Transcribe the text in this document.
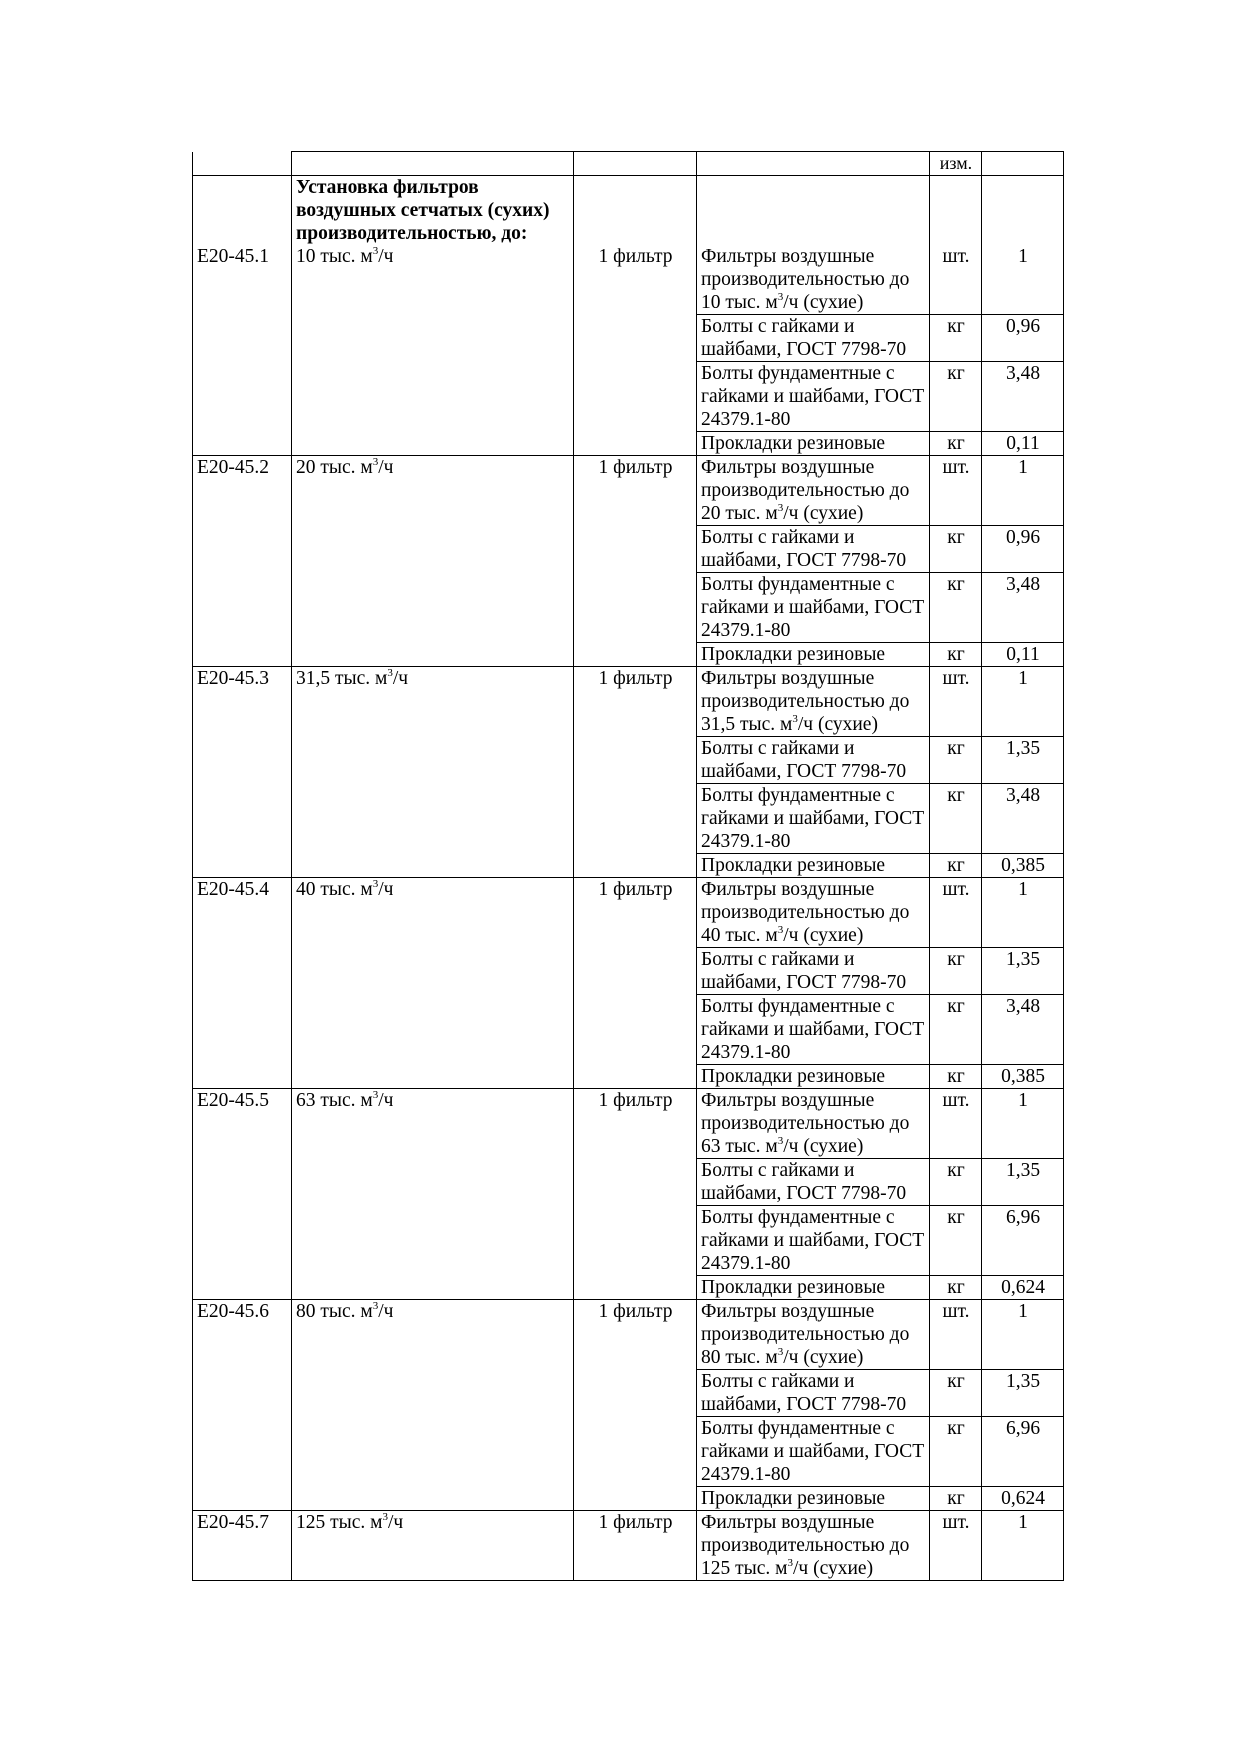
				изм.	

Е20-45.1	Установка фильтров воздушных сетчатых (сухих) производительностью, до:
10 тыс. $м^3/ч$	1 фильтр	Фильтры воздушные производительностью до 10 тыс. $м^3/ч$ (сухие)	шт.	1

			Болты с гайками и шайбами, ГОСТ 7798-70	кг	0,96

			Болты фундаментные с гайками и шайбами, ГОСТ 24379.1-80	кг	3,48

			Прокладки резиновые	кг	0,11

Е20-45.2	20 тыс. $м^3/ч$	1 фильтр	Фильтры воздушные производительностью до 20 тыс. $м^3/ч$ (сухие)	шт.	1

			Болты с гайками и шайбами, ГОСТ 7798-70	кг	0,96

			Болты фундаментные с гайками и шайбами, ГОСТ 24379.1-80	кг	3,48

			Прокладки резиновые	кг	0,11

Е20-45.3	31,5 тыс. $м^3/ч$	1 фильтр	Фильтры воздушные производительностью до 31,5 тыс. $м^3/ч$ (сухие)	шт.	1

			Болты с гайками и шайбами, ГОСТ 7798-70	кг	1,35

			Болты фундаментные с гайками и шайбами, ГОСТ 24379.1-80	кг	3,48

			Прокладки резиновые	кг	0,385

Е20-45.4	40 тыс. $м^3/ч$	1 фильтр	Фильтры воздушные производительностью до 40 тыс. $м^3/ч$ (сухие)	шт.	1

			Болты с гайками и шайбами, ГОСТ 7798-70	кг	1,35

			Болты фундаментные с гайками и шайбами, ГОСТ 24379.1-80	кг	3,48

			Прокладки резиновые	кг	0,385

Е20-45.5	63 тыс. $м^3/ч$	1 фильтр	Фильтры воздушные производительностью до 63 тыс. $м^3/ч$ (сухие)	шт.	1

			Болты с гайками и шайбами, ГОСТ 7798-70	кг	1,35

			Болты фундаментные с гайками и шайбами, ГОСТ 24379.1-80	кг	6,96

			Прокладки резиновые	кг	0,624

Е20-45.6	80 тыс. $м^3/ч$	1 фильтр	Фильтры воздушные производительностью до 80 тыс. $м^3/ч$ (сухие)	шт.	1

			Болты с гайками и шайбами, ГОСТ 7798-70	кг	1,35

			Болты фундаментные с гайками и шайбами, ГОСТ 24379.1-80	кг	6,96

			Прокладки резиновые	кг	0,624

Е20-45.7	125 тыс. $м^3/ч$	1 фильтр	Фильтры воздушные производительностью до 125 тыс. $м^3/ч$ (сухие)	шт.	1
